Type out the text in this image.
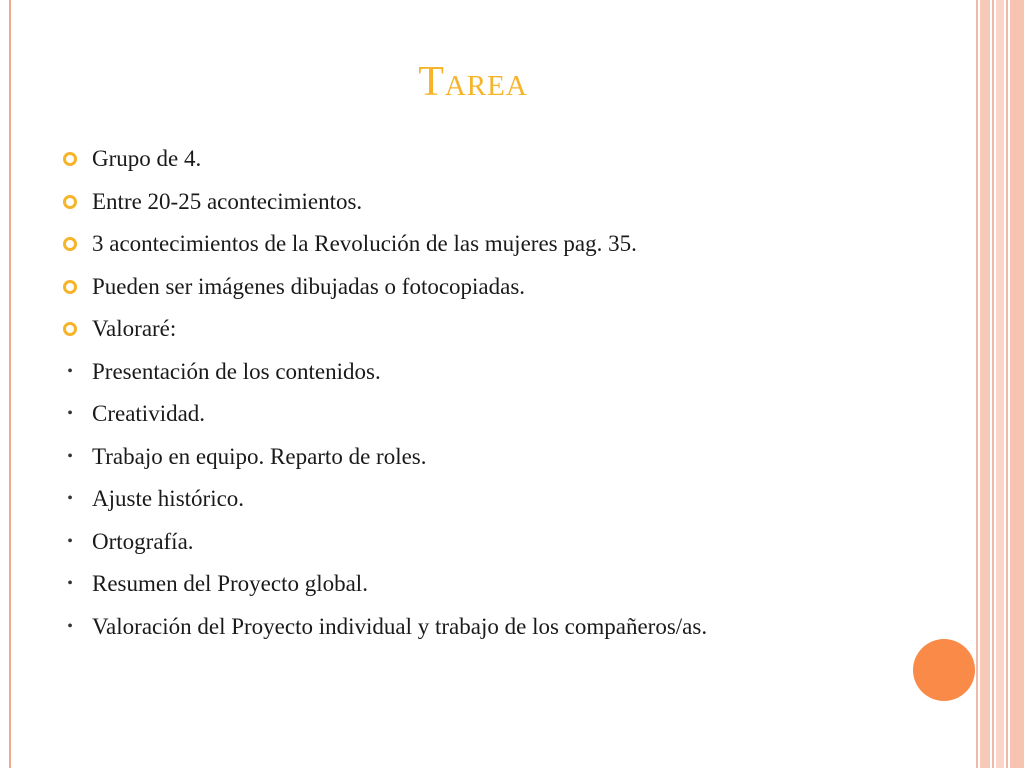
Tarea
Grupo de 4.
Entre 20-25 acontecimientos.
3 acontecimientos de la Revolución de las mujeres pag. 35.
Pueden ser imágenes dibujadas o fotocopiadas.
Valoraré:
• Presentación de los contenidos.
• Creatividad.
• Trabajo en equipo. Reparto de roles.
• Ajuste histórico.
• Ortografía.
• Resumen del Proyecto global.
• Valoración del Proyecto individual y trabajo de los compañeros/as.
